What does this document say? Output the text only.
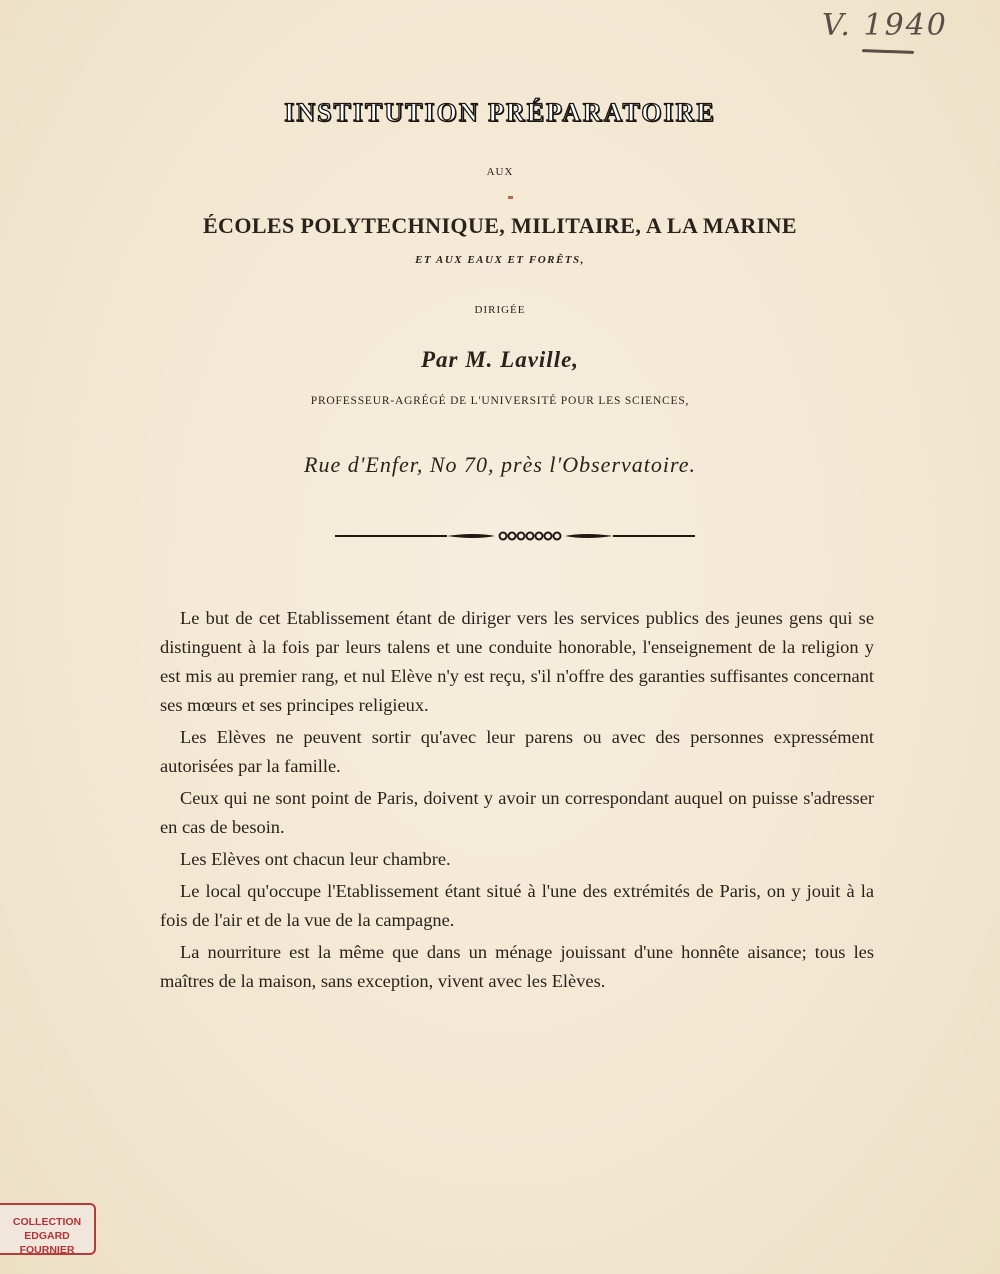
V. 1940
INSTITUTION PRÉPARATOIRE
AUX
ÉCOLES POLYTECHNIQUE, MILITAIRE, A LA MARINE
ET AUX EAUX ET FORÊTS,
DIRIGÉE
Par M. Laville,
PROFESSEUR-AGRÉGÉ DE L'UNIVERSITÉ POUR LES SCIENCES,
Rue d'Enfer, No 70, près l'Observatoire.

Le but de cet Etablissement étant de diriger vers les services publics des jeunes gens qui se distinguent à la fois par leurs talens et une conduite honorable, l'enseignement de la religion y est mis au premier rang, et nul Elève n'y est reçu, s'il n'offre des garanties suffisantes concernant ses mœurs et ses principes religieux.

Les Elèves ne peuvent sortir qu'avec leur parens ou avec des personnes expressément autorisées par la famille.

Ceux qui ne sont point de Paris, doivent y avoir un correspondant auquel on puisse s'adresser en cas de besoin.

Les Elèves ont chacun leur chambre.

Le local qu'occupe l'Etablissement étant situé à l'une des extrémités de Paris, on y jouit à la fois de l'air et de la vue de la campagne.

La nourriture est la même que dans un ménage jouissant d'une honnête aisance; tous les maîtres de la maison, sans exception, vivent avec les Elèves.

COLLECTION
EDGARD FOURNIER
